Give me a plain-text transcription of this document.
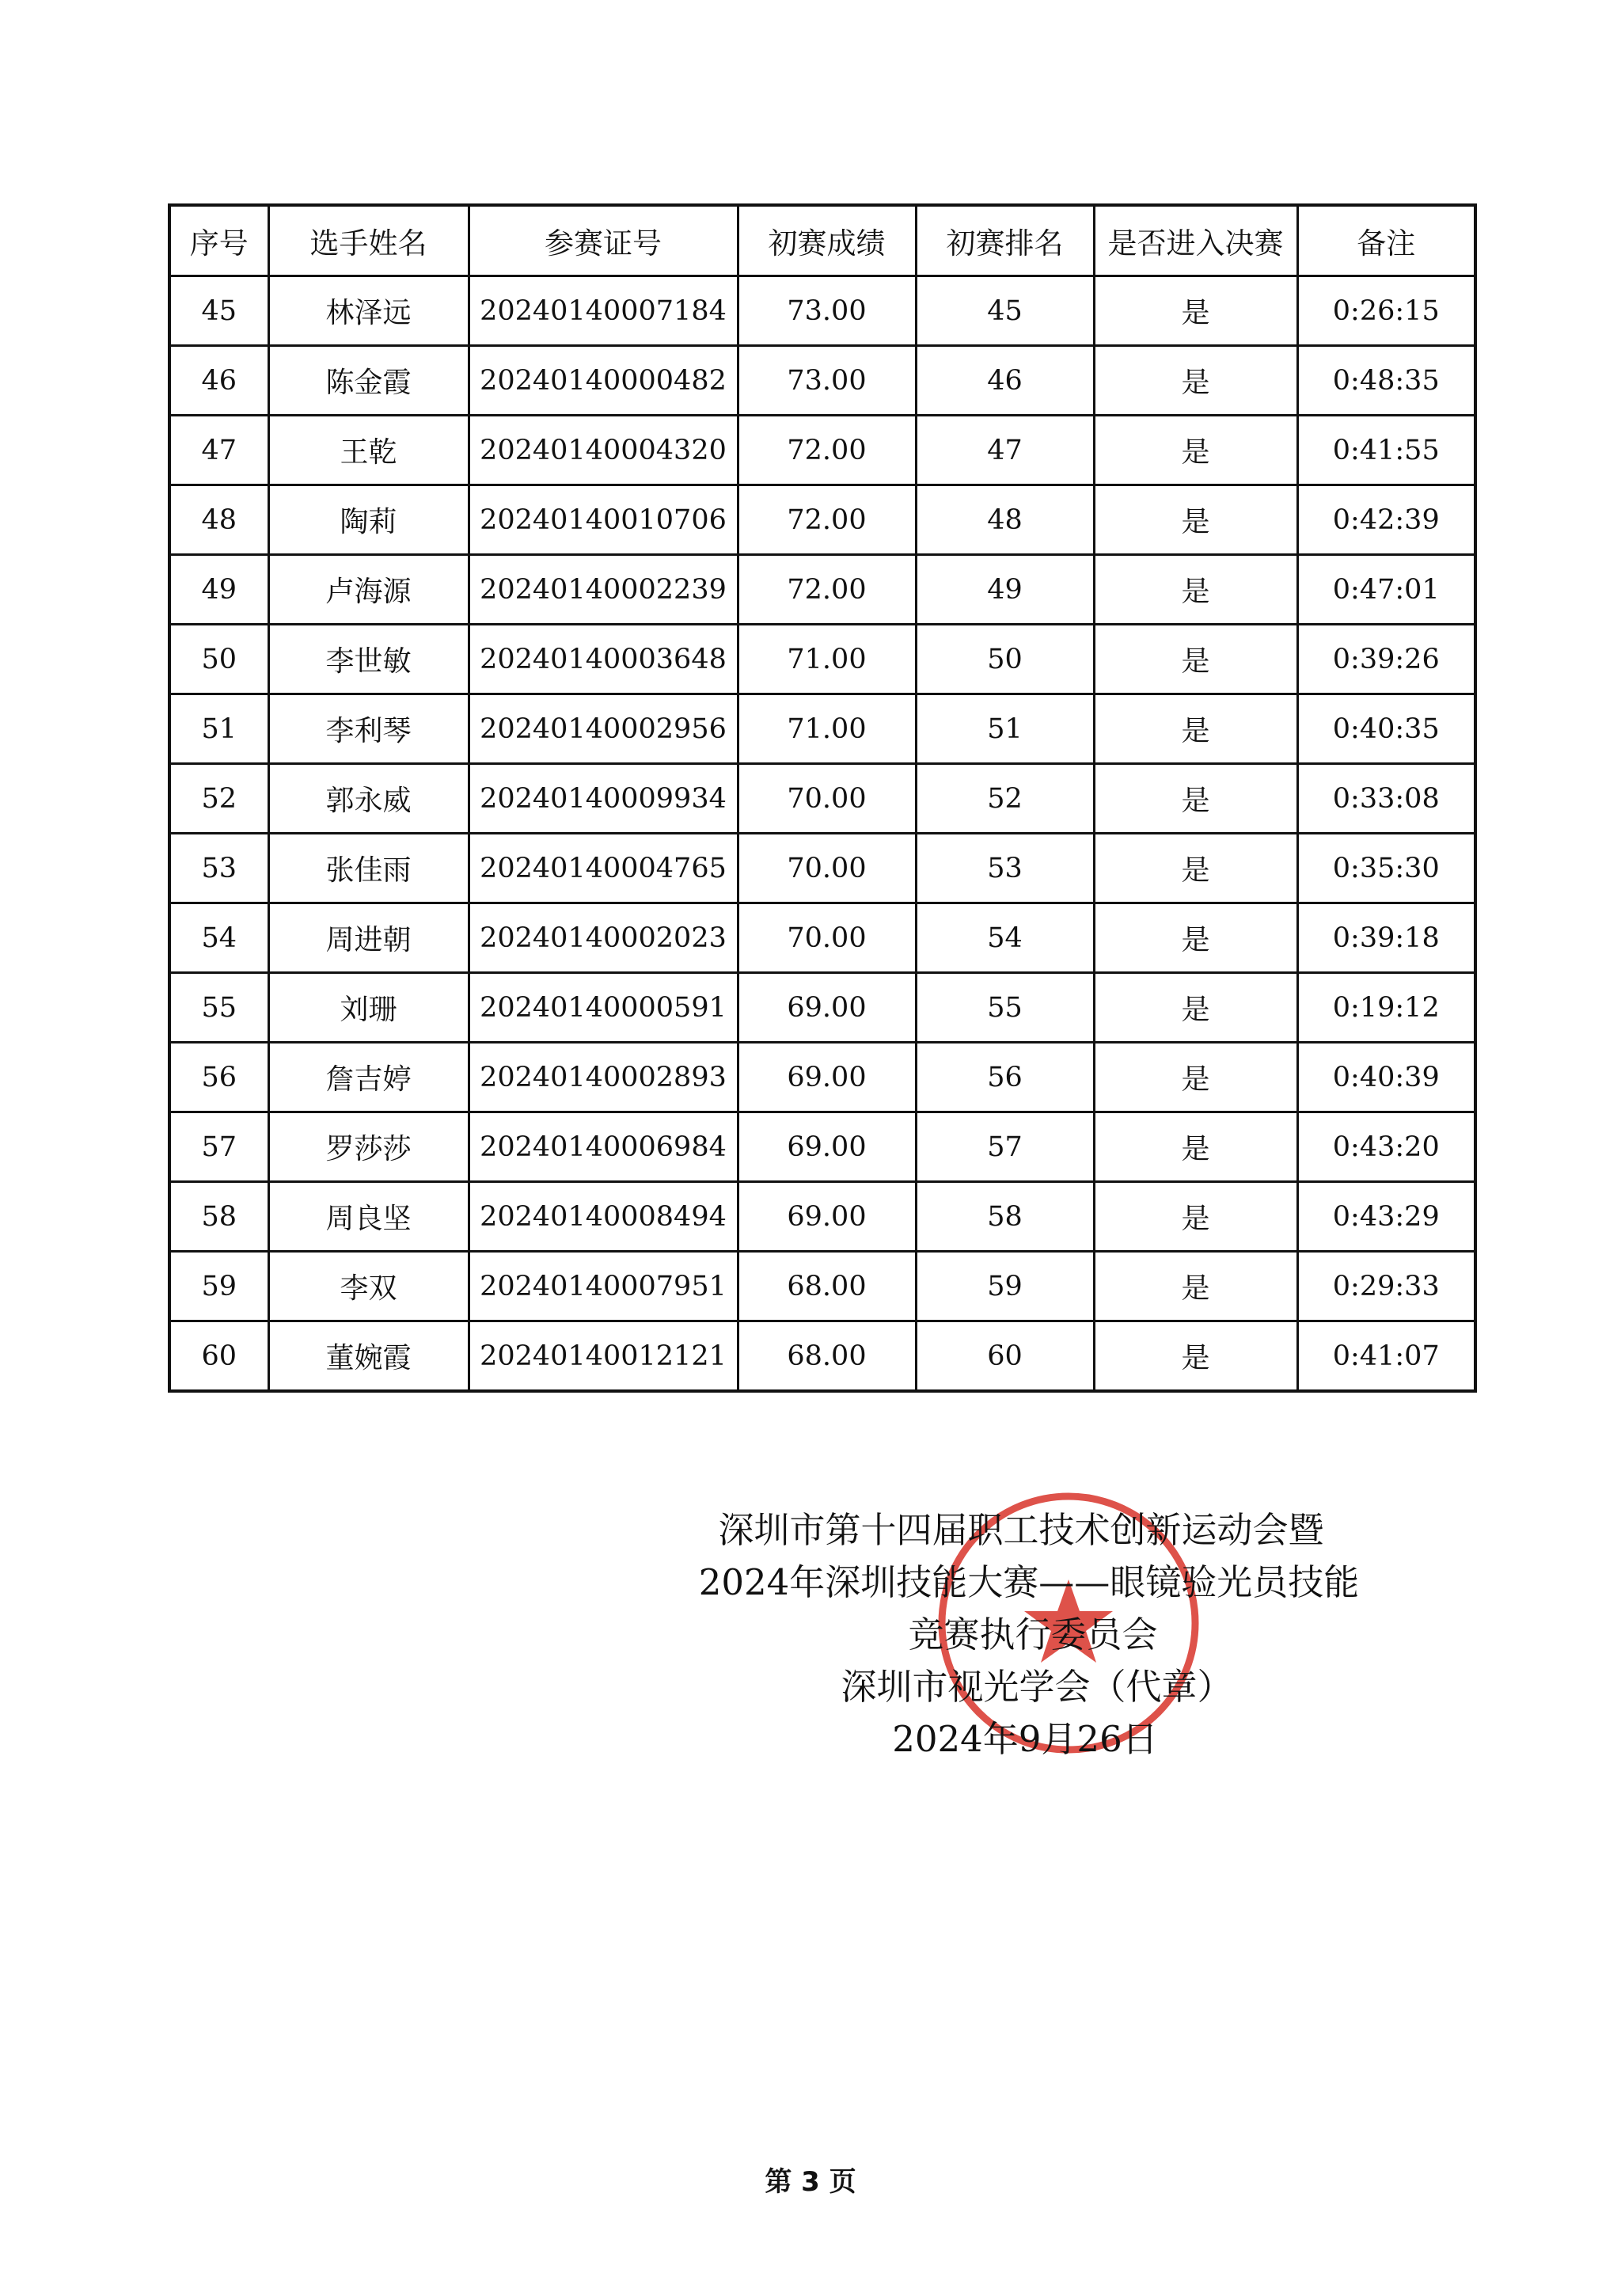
序号	选手姓名	参赛证号	初赛成绩	初赛排名	是否进入决赛	备注
45	林泽远	20240140007184	73.00	45	是	0:26:15
46	陈金霞	20240140000482	73.00	46	是	0:48:35
47	王乾	20240140004320	72.00	47	是	0:41:55
48	陶莉	20240140010706	72.00	48	是	0:42:39
49	卢海源	20240140002239	72.00	49	是	0:47:01
50	李世敏	20240140003648	71.00	50	是	0:39:26
51	李利琴	20240140002956	71.00	51	是	0:40:35
52	郭永威	20240140009934	70.00	52	是	0:33:08
53	张佳雨	20240140004765	70.00	53	是	0:35:30
54	周进朝	20240140002023	70.00	54	是	0:39:18
55	刘珊	20240140000591	69.00	55	是	0:19:12
56	詹吉婷	20240140002893	69.00	56	是	0:40:39
57	罗莎莎	20240140006984	69.00	57	是	0:43:20
58	周良坚	20240140008494	69.00	58	是	0:43:29
59	李双	20240140007951	68.00	59	是	0:29:33
60	董婉霞	20240140012121	68.00	60	是	0:41:07
深圳市第十四届职工技术创新运动会暨
2024年深圳技能大赛——眼镜验光员技能
竞赛执行委员会
深圳市视光学会（代章）
2024年9月26日
第 3 页
